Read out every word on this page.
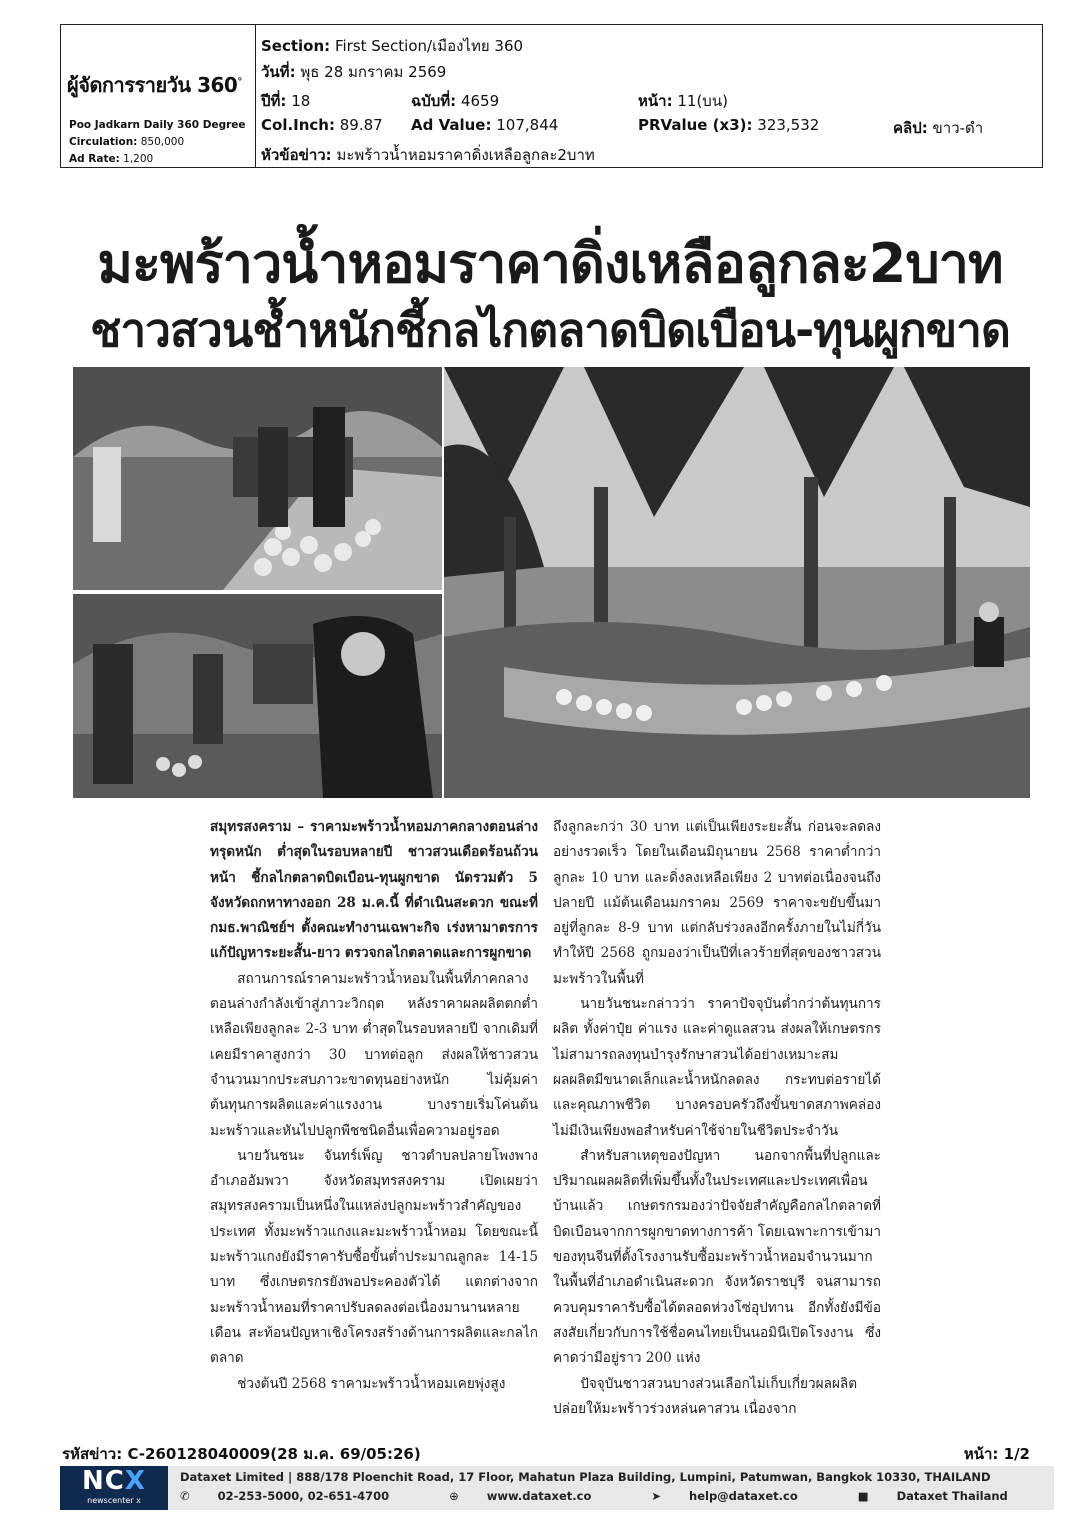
ผู้จัดการรายวัน 360°
Poo Jadkarn Daily 360 Degree
Circulation: 850,000
Ad Rate: 1,200
Section: First Section/เมืองไทย 360
วันที่: พุธ 28 มกราคม 2569
ปีที่: 18	ฉบับที่: 4659	หน้า: 11(บน)
Col.Inch: 89.87 Ad Value: 107,844	PRValue (x3): 323,532	คลิป: ขาว-ดำ
หัวข้อข่าว: มะพร้าวน้ำหอมราคาดิ่งเหลือลูกละ2บาท
มะพร้าวน้ำหอมราคาดิ่งเหลือลูกละ2บาท
ชาวสวนช้ำหนักชี้กลไกตลาดบิดเบือน-ทุนผูกขาด

สมุทรสงคราม – ราคามะพร้าวน้ำหอมภาคกลางตอนล่างทรุดหนัก ต่ำสุดในรอบหลายปี ชาวสวนเดือดร้อนถ้วนหน้า ชี้กลไกตลาดบิดเบือน-ทุนผูกขาด นัดรวมตัว 5 จังหวัดถกหาทางออก 28 ม.ค.นี้ ที่ดำเนินสะดวก ขณะที่ กมธ.พาณิชย์ฯ ตั้งคณะทำงานเฉพาะกิจ เร่งหามาตรการแก้ปัญหาระยะสั้น-ยาว ตรวจกลไกตลาดและการผูกขาด

สถานการณ์ราคามะพร้าวน้ำหอมในพื้นที่ภาคกลางตอนล่างกำลังเข้าสู่ภาวะวิกฤต หลังราคาผลผลิตตกต่ำเหลือเพียงลูกละ 2-3 บาท ต่ำสุดในรอบหลายปี จากเดิมที่เคยมีราคาสูงกว่า 30 บาทต่อลูก ส่งผลให้ชาวสวนจำนวนมากประสบภาวะขาดทุนอย่างหนัก ไม่คุ้มค่าต้นทุนการผลิตและค่าแรงงาน บางรายเริ่มโค่นต้นมะพร้าวและหันไปปลูกพืชชนิดอื่นเพื่อความอยู่รอด

นายวันชนะ จันทร์เพ็ญ ชาวตำบลปลายโพงพาง อำเภออัมพวา จังหวัดสมุทรสงคราม เปิดเผยว่า สมุทรสงครามเป็นหนึ่งในแหล่งปลูกมะพร้าวสำคัญของประเทศ ทั้งมะพร้าวแกงและมะพร้าวน้ำหอม โดยขณะนี้มะพร้าวแกงยังมีราคารับซื้อขั้นต่ำประมาณลูกละ 14-15 บาท ซึ่งเกษตรกรยังพอประคองตัวได้ แตกต่างจากมะพร้าวน้ำหอมที่ราคาปรับลดลงต่อเนื่องมานานหลายเดือน สะท้อนปัญหาเชิงโครงสร้างด้านการผลิตและกลไกตลาด

ช่วงต้นปี 2568 ราคามะพร้าวน้ำหอมเคยพุ่งสูง

ถึงลูกละกว่า 30 บาท แต่เป็นเพียงระยะสั้น ก่อนจะลดลงอย่างรวดเร็ว โดยในเดือนมิถุนายน 2568 ราคาต่ำกว่าลูกละ 10 บาท และดิ่งลงเหลือเพียง 2 บาทต่อเนื่องจนถึงปลายปี แม้ต้นเดือนมกราคม 2569 ราคาจะขยับขึ้นมาอยู่ที่ลูกละ 8-9 บาท แต่กลับร่วงลงอีกครั้งภายในไม่กี่วัน ทำให้ปี 2568 ถูกมองว่าเป็นปีที่เลวร้ายที่สุดของชาวสวนมะพร้าวในพื้นที่

นายวันชนะกล่าวว่า ราคาปัจจุบันต่ำกว่าต้นทุนการผลิต ทั้งค่าปุ๋ย ค่าแรง และค่าดูแลสวน ส่งผลให้เกษตรกรไม่สามารถลงทุนบำรุงรักษาสวนได้อย่างเหมาะสม ผลผลิตมีขนาดเล็กและน้ำหนักลดลง กระทบต่อรายได้และคุณภาพชีวิต บางครอบครัวถึงขั้นขาดสภาพคล่อง ไม่มีเงินเพียงพอสำหรับค่าใช้จ่ายในชีวิตประจำวัน

สำหรับสาเหตุของปัญหา นอกจากพื้นที่ปลูกและปริมาณผลผลิตที่เพิ่มขึ้นทั้งในประเทศและประเทศเพื่อนบ้านแล้ว เกษตรกรมองว่าปัจจัยสำคัญคือกลไกตลาดที่บิดเบือนจากการผูกขาดทางการค้า โดยเฉพาะการเข้ามาของทุนจีนที่ตั้งโรงงานรับซื้อมะพร้าวน้ำหอมจำนวนมากในพื้นที่อำเภอดำเนินสะดวก จังหวัดราชบุรี จนสามารถควบคุมราคารับซื้อได้ตลอดห่วงโซ่อุปทาน อีกทั้งยังมีข้อสงสัยเกี่ยวกับการใช้ชื่อคนไทยเป็นนอมินีเปิดโรงงาน ซึ่งคาดว่ามีอยู่ราว 200 แห่ง

ปัจจุบันชาวสวนบางส่วนเลือกไม่เก็บเกี่ยวผลผลิต ปล่อยให้มะพร้าวร่วงหล่นคาสวน เนื่องจาก

รหัสข่าว: C-260128040009(28 ม.ค. 69/05:26)	หน้า: 1/2
NCX
newscenter x
Dataxet Limited | 888/178 Ploenchit Road, 17 Floor, Mahatun Plaza Building, Lumpini, Patumwan, Bangkok 10330, THAILAND
✆ 02-253-5000, 02-651-4700	⊕ www.dataxet.co	➤ help@dataxet.co	■ Dataxet Thailand
